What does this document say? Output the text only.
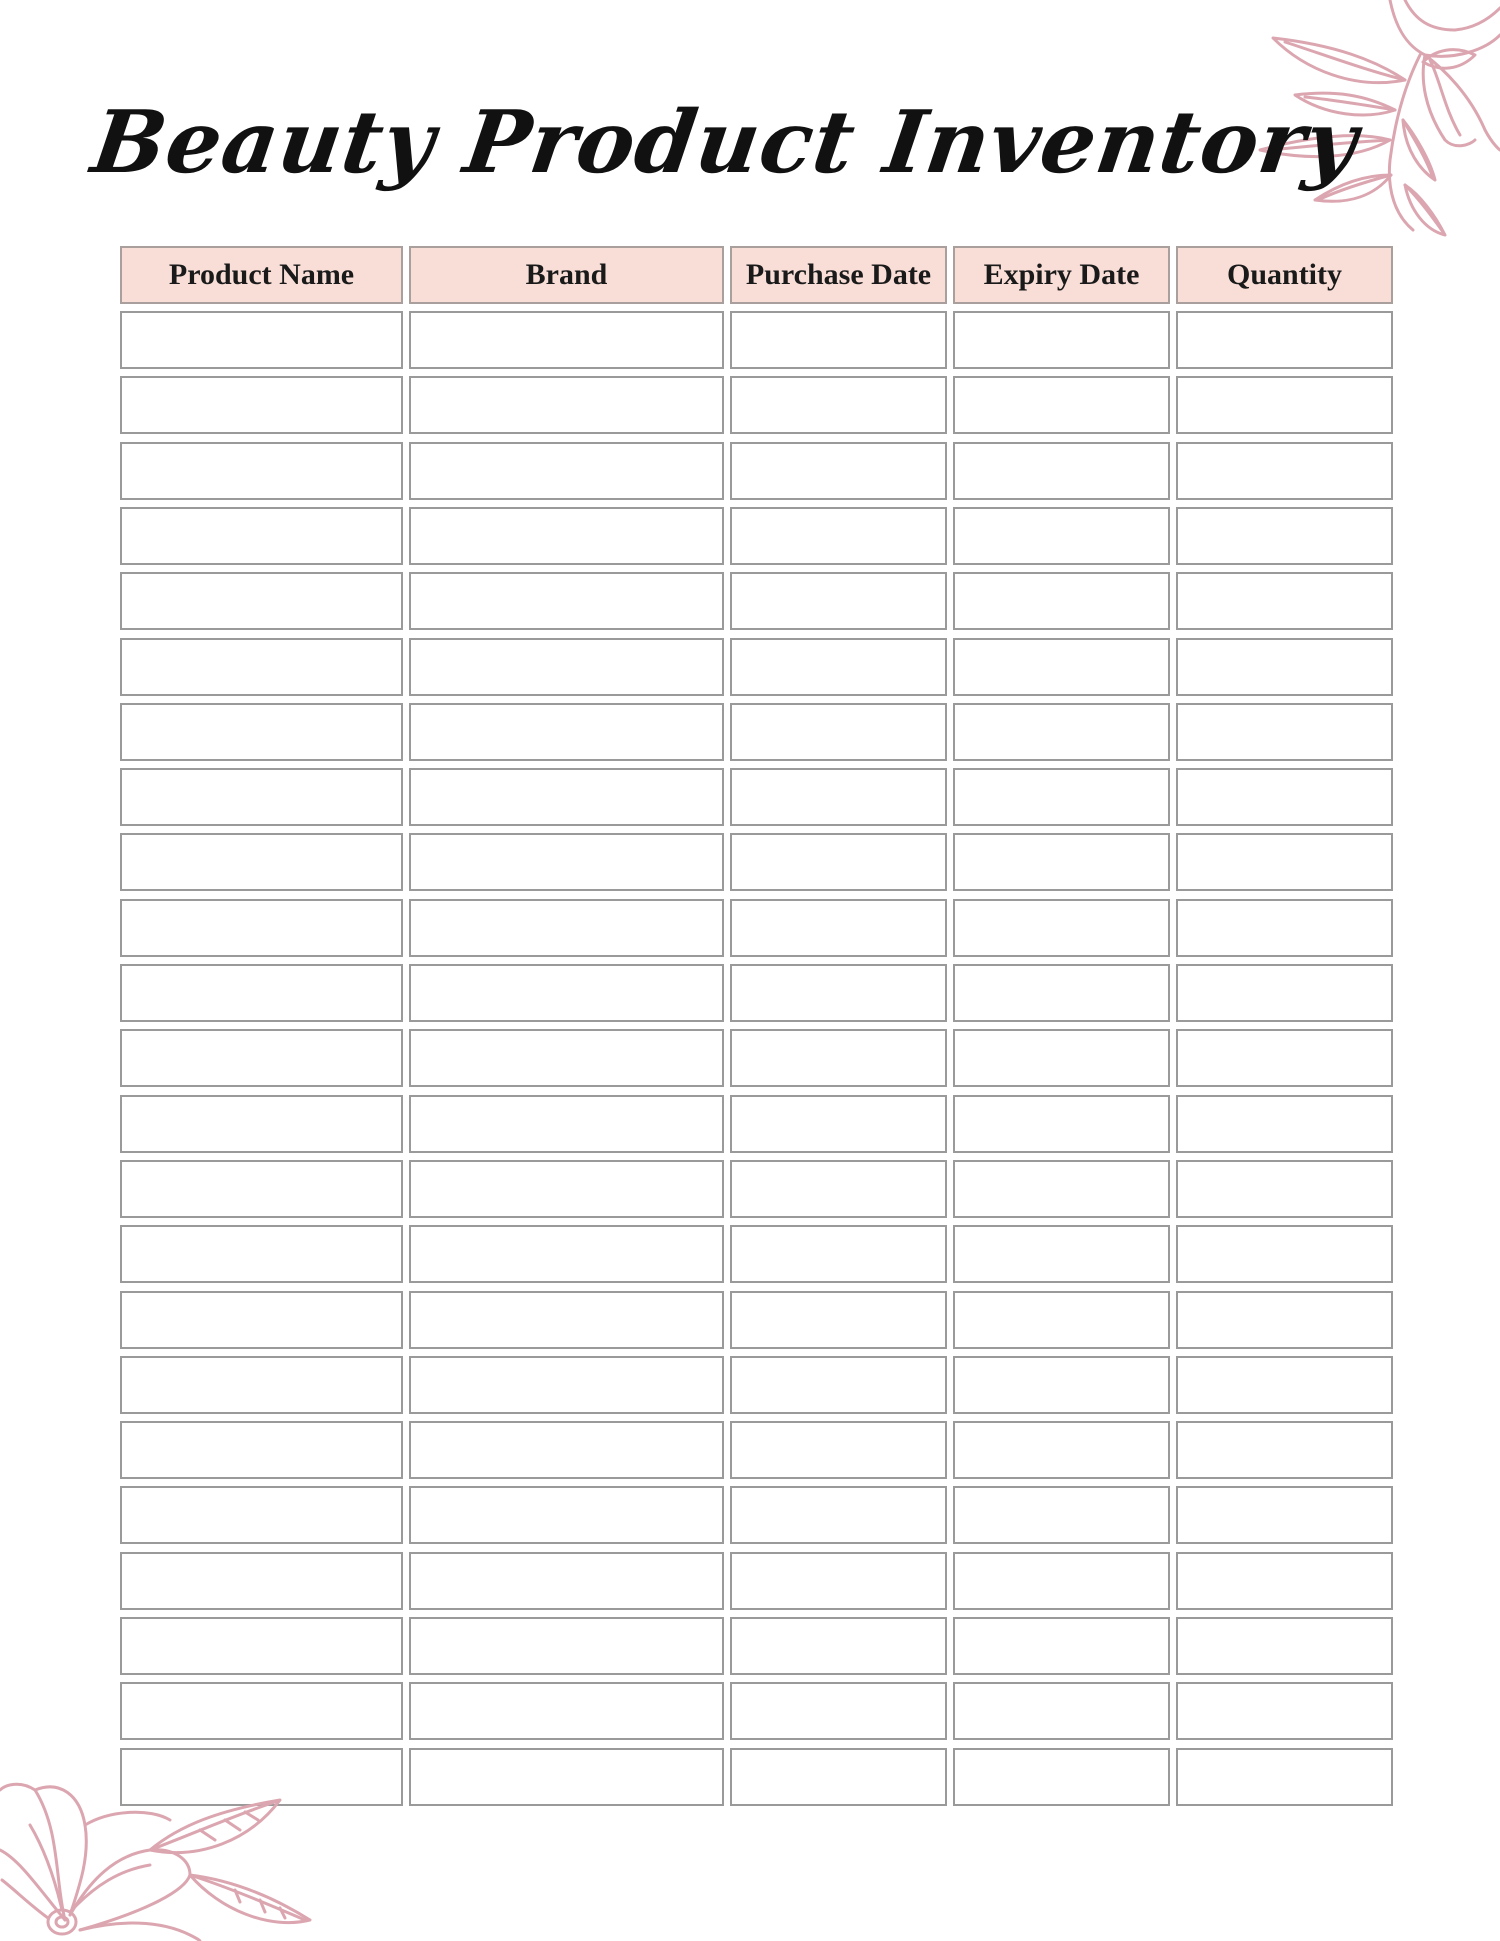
Beauty Product Inventory
Product Name	Brand	Purchase Date	Expiry Date	Quantity
